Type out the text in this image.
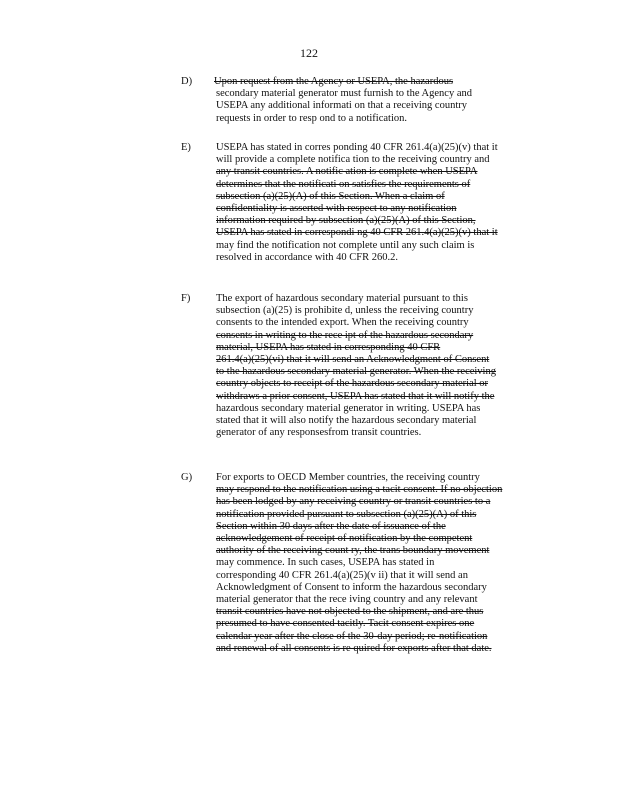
122
D) Upon request from the Agency or USEPA, the hazardous
secondary material generator must furnish to the Agency and
USEPA any additional informati on that a receiving country
requests in order to resp ond to a notification.
E) USEPA has stated in corres ponding 40 CFR 261.4(a)(25)(v) that it
will provide a complete notifica tion to the receiving country and
any transit countries. A notific ation is complete when USEPA
determines that the notificati on satisfies the requirements of
subsection (a)(25)(A) of this Section. When a claim of
confidentiality is asserted with respect to any notification
information required by subsection (a)(25)(A) of this Section,
USEPA has stated in correspondi ng 40 CFR 261.4(a)(25)(v) that it
may find the notification not complete until any such claim is
resolved in accordance with 40 CFR 260.2.
F) The export of hazardous secondary material pursuant to this
subsection (a)(25) is prohibite d, unless the receiving country
consents to the intended export. When the receiving country
consents in writing to the rece ipt of the hazardous secondary
material, USEPA has stated in corresponding 40 CFR
261.4(a)(25)(vi) that it will send an Acknowledgment of Consent
to the hazardous secondary material generator. When the receiving
country objects to receipt of the hazardous secondary material or
withdraws a prior consent, USEPA has stated that it will notify the
hazardous secondary material generator in writing. USEPA has
stated that it will also notify the hazardous secondary material
generator of any responsesfrom transit countries.
G) For exports to OECD Member countries, the receiving country
may respond to the notification using a tacit consent. If no objection
has been lodged by any receiving country or transit countries to a
notification provided pursuant to subsection (a)(25)(A) of this
Section within 30 days after the date of issuance of the
acknowledgement of receipt of notification by the competent
authority of the receiving count ry, the trans boundary movement
may commence. In such cases, USEPA has stated in
corresponding 40 CFR 261.4(a)(25)(v ii) that it will send an
Acknowledgment of Consent to inform the hazardous secondary
material generator that the rece iving country and any relevant
transit countries have not objected to the shipment, and are thus
presumed to have consented tacitly. Tacit consent expires one
calendar year after the close of the 30-day period; re-notification
and renewal of all consents is re quired for exports after that date.
